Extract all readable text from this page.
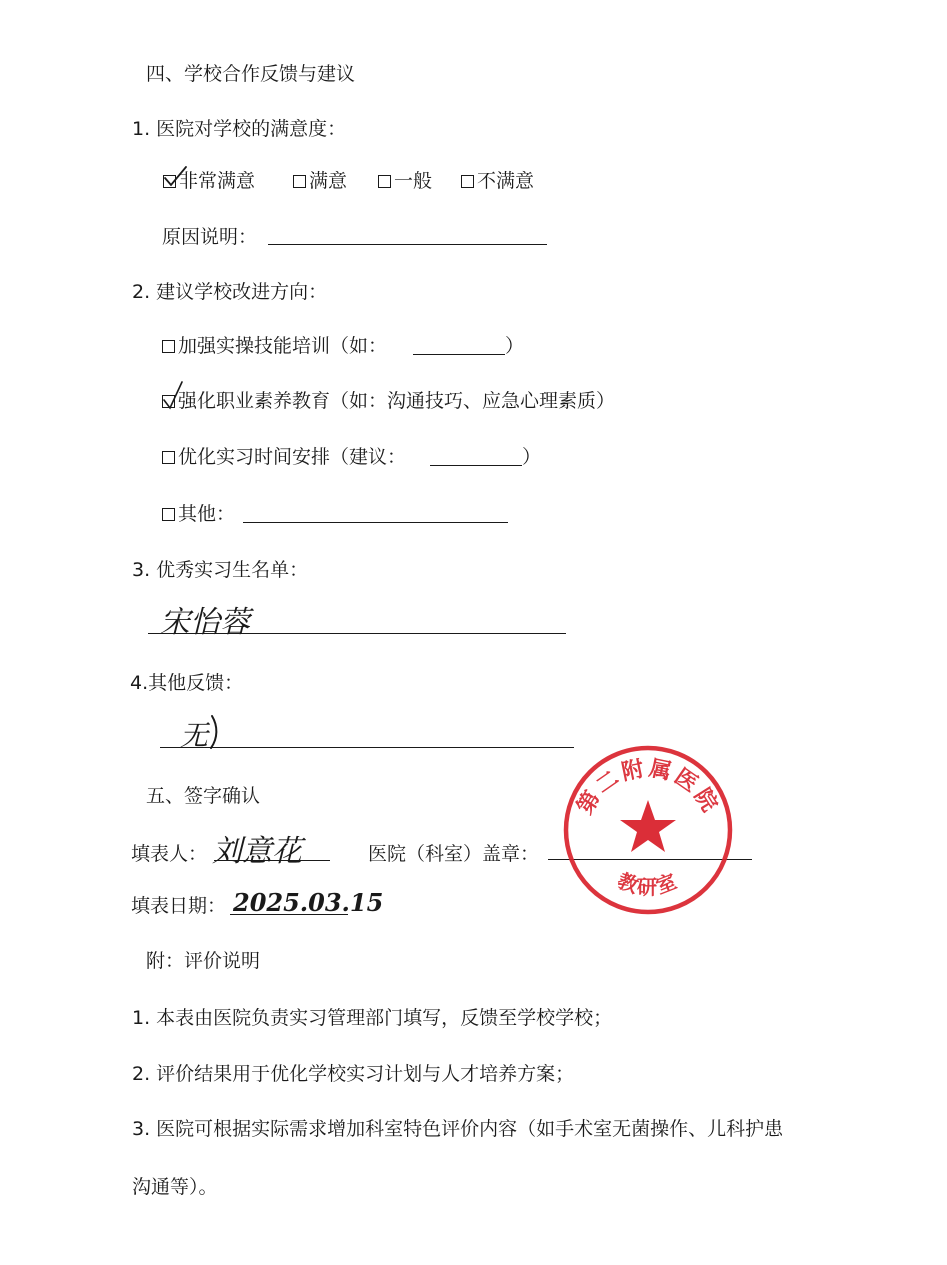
四、学校合作反馈与建议
1. 医院对学校的满意度：
非常满意	满意	一般	不满意
原因说明：
2. 建议学校改进方向：
加强实操技能培训（如：	）
强化职业素养教育（如：沟通技巧、应急心理素质）
优化实习时间安排（建议：	）
其他：
3. 优秀实习生名单：
宋怡蓉
4.其他反馈：
无
五、签字确认
填表人： 刘意花	医院（科室）盖章：
填表日期： 2025.03.15
第二附属医院
教研室
附：评价说明
1. 本表由医院负责实习管理部门填写，反馈至学校学校；
2. 评价结果用于优化学校实习计划与人才培养方案；
3. 医院可根据实际需求增加科室特色评价内容（如手术室无菌操作、儿科护患
沟通等）。
